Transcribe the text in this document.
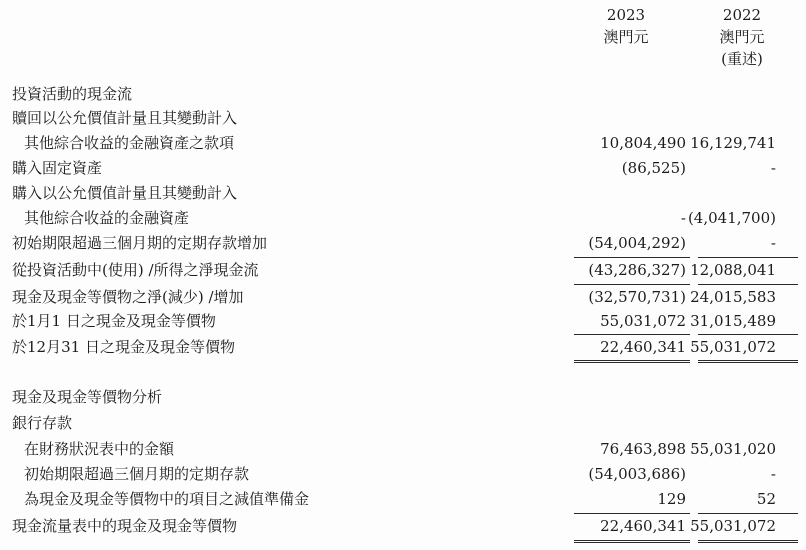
2023
澳門元
2022
澳門元
(重述)
投資活動的現金流
贖回以公允價值計量且其變動計入
其他綜合收益的金融資產之款項	10,804,490 16,129,741
購入固定資產	(86,525)	-
購入以公允價值計量且其變動計入
其他綜合收益的金融資產	- (4,041,700)
初始期限超過三個月期的定期存款增加	(54,004,292)	-
從投資活動中(使用) /所得之淨現金流	(43,286,327) 12,088,041
現金及現金等價物之淨(減少) /增加	(32,570,731) 24,015,583
於1月1 日之現金及現金等價物	55,031,072 31,015,489
於12月31 日之現金及現金等價物	22,460,341 55,031,072
現金及現金等價物分析
銀行存款
在財務狀況表中的金額	76,463,898 55,031,020
初始期限超過三個月期的定期存款	(54,003,686)	-
為現金及現金等價物中的項目之減值準備金	129	52
現金流量表中的現金及現金等價物	22,460,341 55,031,072
